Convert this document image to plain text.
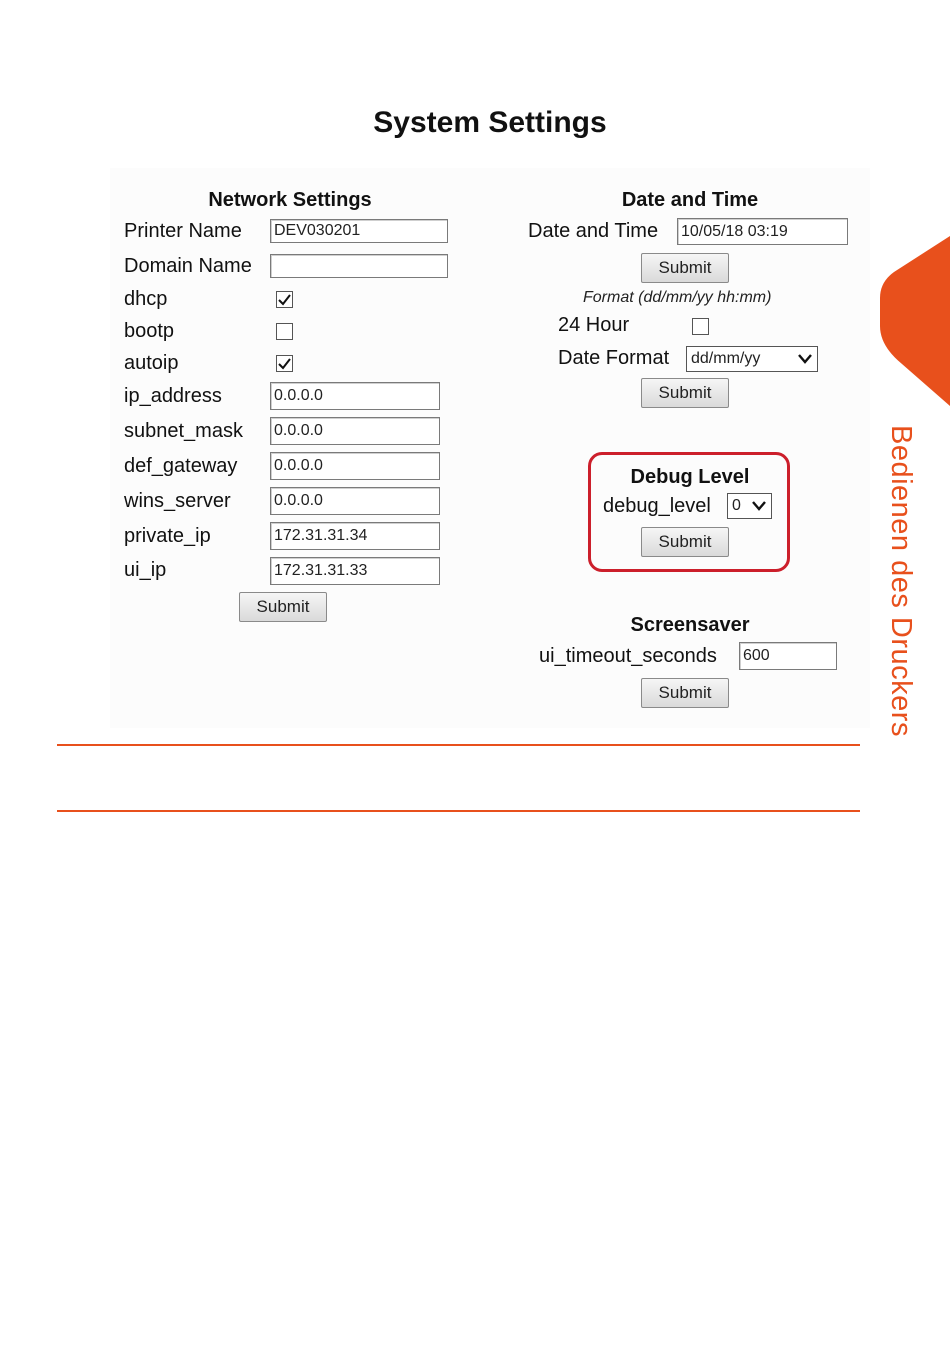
System Settings
Network Settings
Printer Name DEV030201
Domain Name
dhcp
bootp
autoip
ip_address	0.0.0.0
subnet_mask 0.0.0.0
def_gateway 0.0.0.0
wins_server	0.0.0.0
private_ip	172.31.31.34
ui_ip	172.31.31.33
Submit
Date and Time
Date and Time 10/05/18 03:19
Submit
Format (dd/mm/yy hh:mm)
24 Hour
Date Format	dd/mm/yy
Submit
Debug Level
debug_level	0
Submit
Screensaver
ui_timeout_seconds 600
Submit	Bedienen des Druckers
